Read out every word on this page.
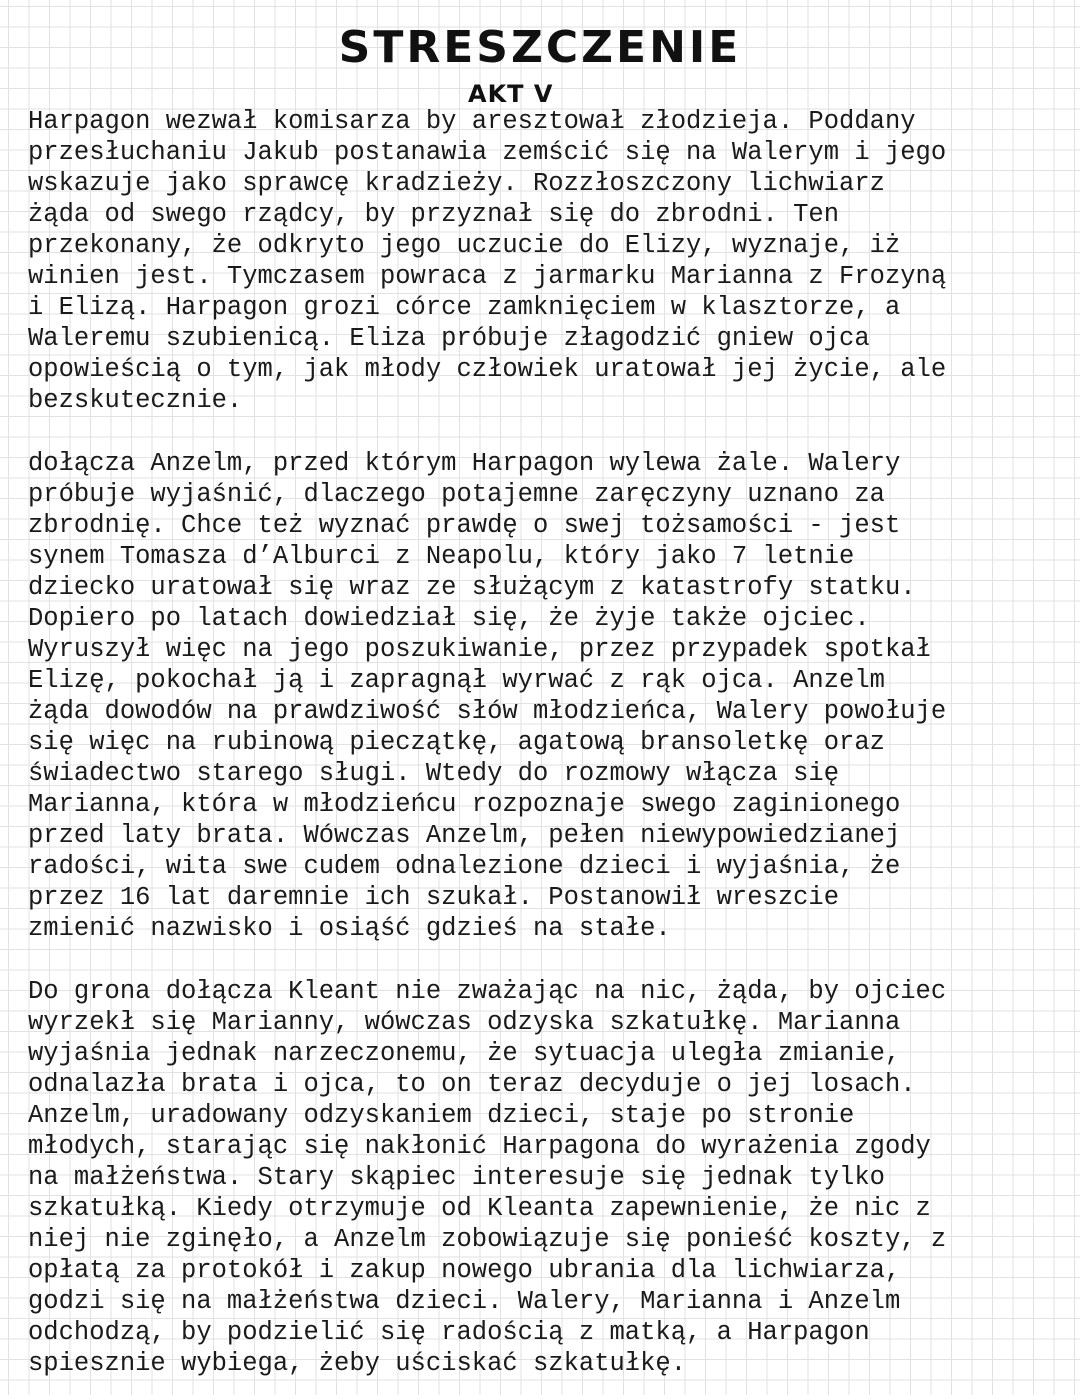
STRESZCZENIE
AKT V

Harpagon wezwał komisarza by aresztował złodzieja. Poddany
przesłuchaniu Jakub postanawia zemścić się na Walerym i jego
wskazuje jako sprawcę kradzieży. Rozzłoszczony lichwiarz
żąda od swego rządcy, by przyznał się do zbrodni. Ten
przekonany, że odkryto jego uczucie do Elizy, wyznaje, iż
winien jest. Tymczasem powraca z jarmarku Marianna z Frozyną
i Elizą. Harpagon grozi córce zamknięciem w klasztorze, a
Waleremu szubienicą. Eliza próbuje złagodzić gniew ojca
opowieścią o tym, jak młody człowiek uratował jej życie, ale
bezskutecznie.

dołącza Anzelm, przed którym Harpagon wylewa żale. Walery
próbuje wyjaśnić, dlaczego potajemne zaręczyny uznano za
zbrodnię. Chce też wyznać prawdę o swej tożsamości - jest
synem Tomasza d’Alburci z Neapolu, który jako 7 letnie
dziecko uratował się wraz ze służącym z katastrofy statku.
Dopiero po latach dowiedział się, że żyje także ojciec.
Wyruszył więc na jego poszukiwanie, przez przypadek spotkał
Elizę, pokochał ją i zapragnął wyrwać z rąk ojca. Anzelm
żąda dowodów na prawdziwość słów młodzieńca, Walery powołuje
się więc na rubinową pieczątkę, agatową bransoletkę oraz
świadectwo starego sługi. Wtedy do rozmowy włącza się
Marianna, która w młodzieńcu rozpoznaje swego zaginionego
przed laty brata. Wówczas Anzelm, pełen niewypowiedzianej
radości, wita swe cudem odnalezione dzieci i wyjaśnia, że
przez 16 lat daremnie ich szukał. Postanowił wreszcie
zmienić nazwisko i osiąść gdzieś na stałe.

Do grona dołącza Kleant nie zważając na nic, żąda, by ojciec
wyrzekł się Marianny, wówczas odzyska szkatułkę. Marianna
wyjaśnia jednak narzeczonemu, że sytuacja uległa zmianie,
odnalazła brata i ojca, to on teraz decyduje o jej losach.
Anzelm, uradowany odzyskaniem dzieci, staje po stronie
młodych, starając się nakłonić Harpagona do wyrażenia zgody
na małżeństwa. Stary skąpiec interesuje się jednak tylko
szkatułką. Kiedy otrzymuje od Kleanta zapewnienie, że nic z
niej nie zginęło, a Anzelm zobowiązuje się ponieść koszty, z
opłatą za protokół i zakup nowego ubrania dla lichwiarza,
godzi się na małżeństwa dzieci. Walery, Marianna i Anzelm
odchodzą, by podzielić się radością z matką, a Harpagon
spiesznie wybiega, żeby uściskać szkatułkę.
